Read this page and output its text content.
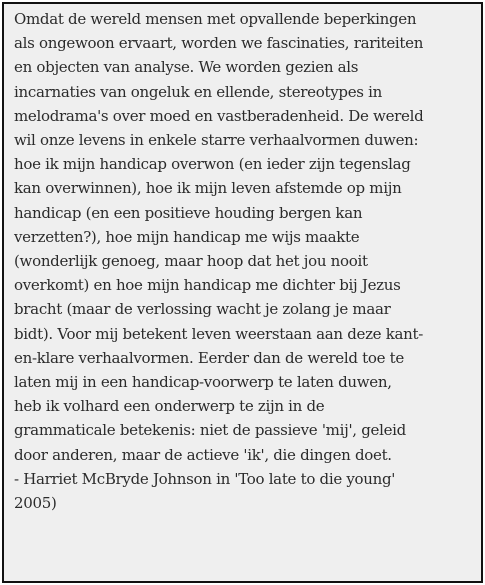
Omdat de wereld mensen met opvallende beperkingen
als ongewoon ervaart, worden we fascinaties, rariteiten
en objecten van analyse. We worden gezien als
incarnaties van ongeluk en ellende, stereotypes in
melodrama's over moed en vastberadenheid. De wereld
wil onze levens in enkele starre verhaalvormen duwen:
hoe ik mijn handicap overwon (en ieder zijn tegenslag
kan overwinnen), hoe ik mijn leven afstemde op mijn
handicap (en een positieve houding bergen kan
verzetten?), hoe mijn handicap me wijs maakte
(wonderlijk genoeg, maar hoop dat het jou nooit
overkomt) en hoe mijn handicap me dichter bij Jezus
bracht (maar de verlossing wacht je zolang je maar
bidt). Voor mij betekent leven weerstaan aan deze kant-
en-klare verhaalvormen. Eerder dan de wereld toe te
laten mij in een handicap-voorwerp te laten duwen,
heb ik volhard een onderwerp te zijn in de
grammaticale betekenis: niet de passieve 'mij', geleid
door anderen, maar de actieve 'ik', die dingen doet.
- Harriet McBryde Johnson in 'Too late to die young'
2005)
